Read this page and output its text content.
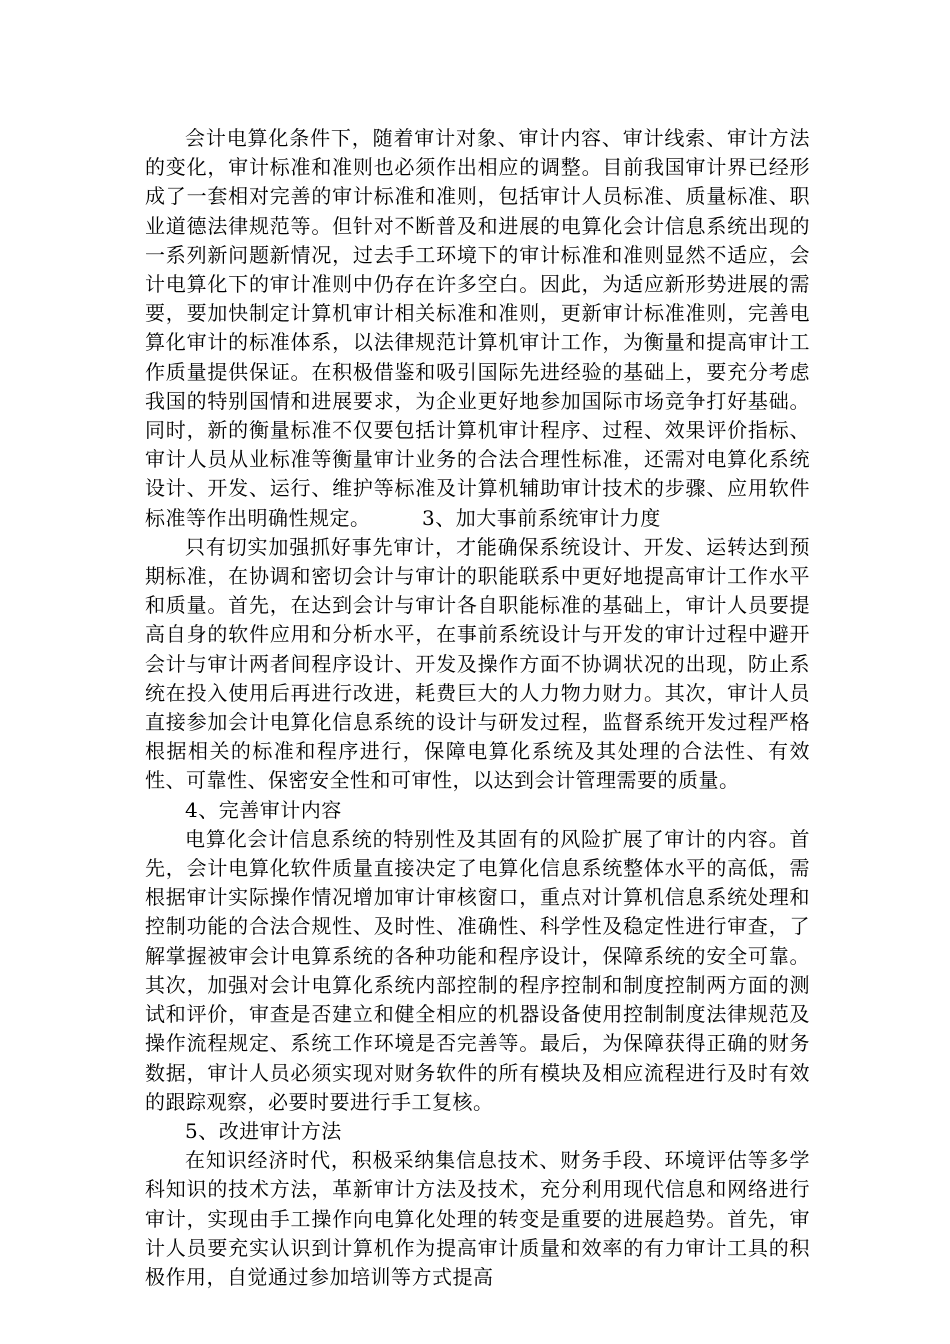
会计电算化条件下，随着审计对象、审计内容、审计线索、审计方法的变化，审计标准和准则也必须作出相应的调整。目前我国审计界已经形成了一套相对完善的审计标准和准则，包括审计人员标准、质量标准、职业道德法律规范等。但针对不断普及和进展的电算化会计信息系统出现的一系列新问题新情况，过去手工环境下的审计标准和准则显然不适应，会计电算化下的审计准则中仍存在许多空白。因此，为适应新形势进展的需要，要加快制定计算机审计相关标准和准则，更新审计标准准则，完善电算化审计的标准体系，以法律规范计算机审计工作，为衡量和提高审计工作质量提供保证。在积极借鉴和吸引国际先进经验的基础上，要充分考虑我国的特别国情和进展要求，为企业更好地参加国际市场竞争打好基础。同时，新的衡量标准不仅要包括计算机审计程序、过程、效果评价指标、审计人员从业标准等衡量审计业务的合法合理性标准，还需对电算化系统设计、开发、运行、维护等标准及计算机辅助审计技术的步骤、应用软件标准等作出明确性规定。　　　3、加大事前系统审计力度

只有切实加强抓好事先审计，才能确保系统设计、开发、运转达到预期标准，在协调和密切会计与审计的职能联系中更好地提高审计工作水平和质量。首先，在达到会计与审计各自职能标准的基础上，审计人员要提高自身的软件应用和分析水平，在事前系统设计与开发的审计过程中避开会计与审计两者间程序设计、开发及操作方面不协调状况的出现，防止系统在投入使用后再进行改进，耗费巨大的人力物力财力。其次，审计人员直接参加会计电算化信息系统的设计与研发过程，监督系统开发过程严格根据相关的标准和程序进行，保障电算化系统及其处理的合法性、有效性、可靠性、保密安全性和可审性，以达到会计管理需要的质量。

4、完善审计内容

电算化会计信息系统的特别性及其固有的风险扩展了审计的内容。首先，会计电算化软件质量直接决定了电算化信息系统整体水平的高低，需根据审计实际操作情况增加审计审核窗口，重点对计算机信息系统处理和控制功能的合法合规性、及时性、准确性、科学性及稳定性进行审查，了解掌握被审会计电算系统的各种功能和程序设计，保障系统的安全可靠。其次，加强对会计电算化系统内部控制的程序控制和制度控制两方面的测试和评价，审查是否建立和健全相应的机器设备使用控制制度法律规范及操作流程规定、系统工作环境是否完善等。最后，为保障获得正确的财务数据，审计人员必须实现对财务软件的所有模块及相应流程进行及时有效的跟踪观察，必要时要进行手工复核。

5、改进审计方法

在知识经济时代，积极采纳集信息技术、财务手段、环境评估等多学科知识的技术方法，革新审计方法及技术，充分利用现代信息和网络进行审计，实现由手工操作向电算化处理的转变是重要的进展趋势。首先，审计人员要充实认识到计算机作为提高审计质量和效率的有力审计工具的积极作用，自觉通过参加培训等方式提高
